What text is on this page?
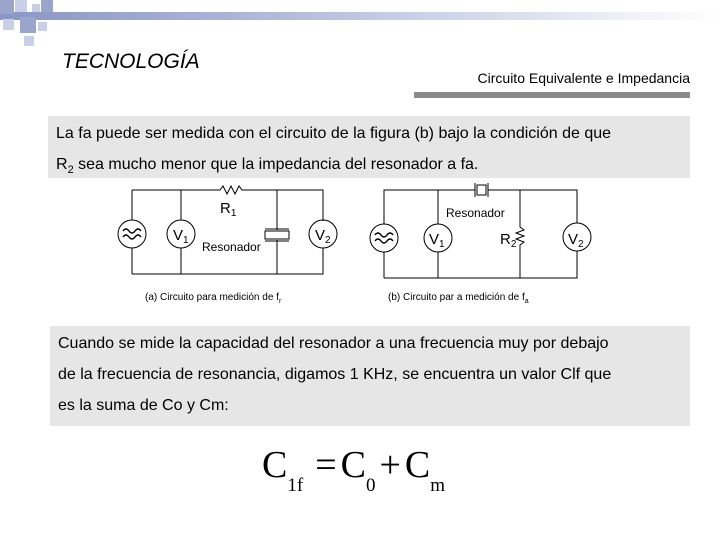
TECNOLOGÍA
Circuito Equivalente e Impedancia
La fa puede ser medida con el circuito de la figura (b) bajo la condición de que
$R_2$ sea mucho menor que la impedancia del resonador a fa.
$R_1$
$V_1$	$V_2$
Resonador
(a) Circuito para medición de $f_r$
Resonador
$R_2$
$V_1$	$V_2$
(b) Circuito par a medición de $f_a$
Cuando se mide la capacidad del resonador a una frecuencia muy por debajo
de la frecuencia de resonancia, digamos 1 KHz, se encuentra un valor Clf que
es la suma de Co y Cm:
C1f = C0 + Cm
